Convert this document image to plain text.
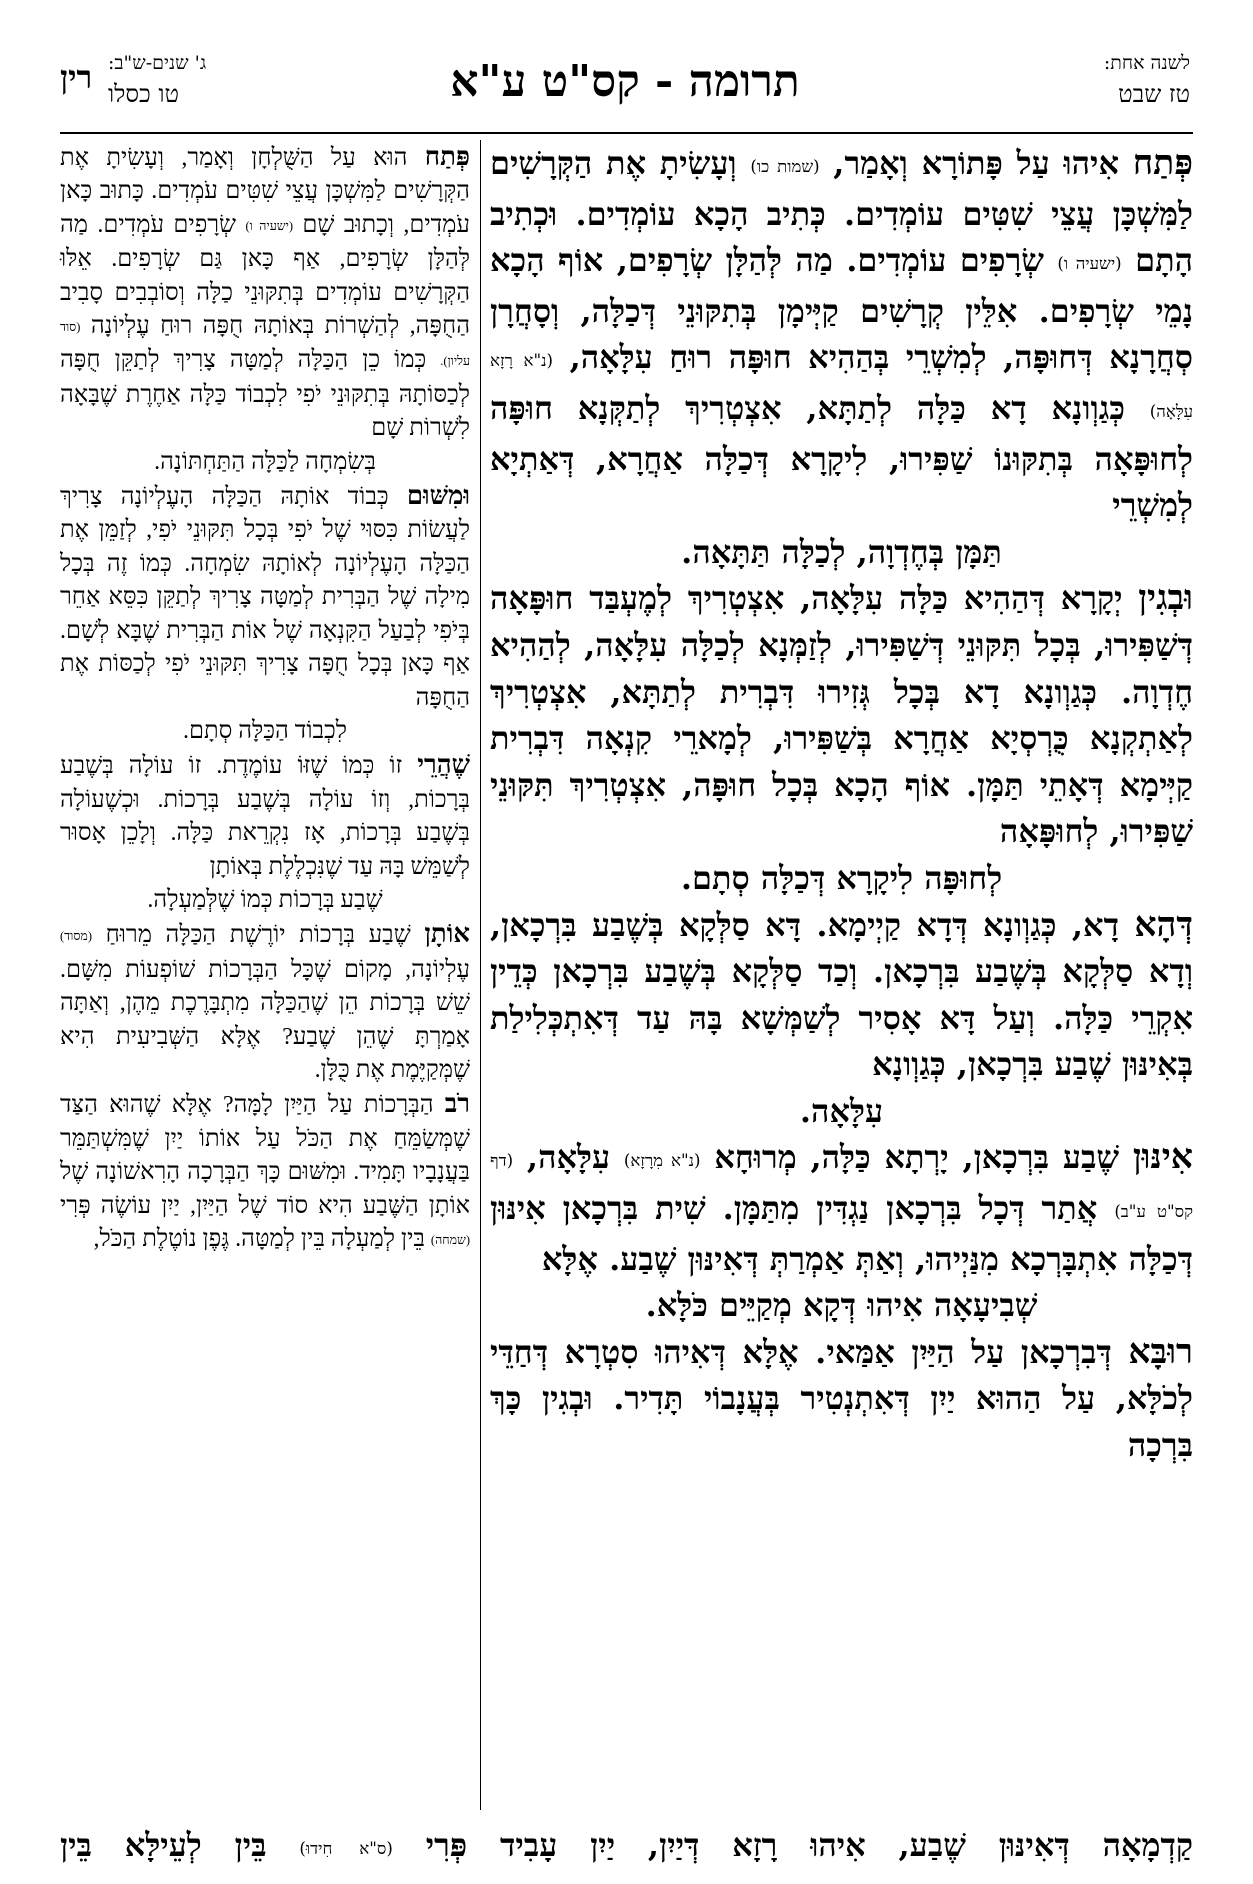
לשנה אחת:
טז שבט
תרומה - קס"ט ע"א
ג' שנים-ש"ב:
טו כסלו
רין

פְּתַח אִיהוּ עַל פָּתוֹרָא וְאָמַר, (שמות כו) וְעָשִׂיתָ אֶת הַקְּרָשִׁים לַמִּשְׁכָּן עֲצֵי שִׁטִּים עוֹמְדִים. כְּתִיב הָכָא עוֹמְדִים. וּכְתִיב הָתָם (ישעיה ו) שְׂרָפִים עוֹמְדִים. מַה לְּהַלָּן שְׂרָפִים, אוֹף הָכָא נָמֵי שְׂרָפִים. אִלֵּין קְרָשִׁים קַיְּימָן בְּתִקּוּנֵי דְּכַלָּה, וְסָחֲרָן סְחֲרָנָא דְּחוּפָּה, לְמִשְׁרֵי בְּהַהִיא חוּפָּה רוּחַ עִלָּאָה, (נ"א רָזָא עִלָּאָה) כְּגַוְונָא דָא כַּלָּה לְתַתָּא, אִצְטְרִיךְ לְתַקְּנָא חוּפָּה לְחוּפָּאָה בְּתִקּוּנוֹ שַׁפִּירוּ, לִיקָרָא דְּכַלָּה אַחֲרָא, דְּאַתְיָא לְמִשְׁרֵי

תַּמָּן בְּחֶדְוָה, לְכַלָּה תַּתָּאָה.

וּבְגִין יְקָרָא דְּהַהִיא כַּלָּה עִלָּאָה, אִצְטְרִיךְ לְמֶעְבַּד חוּפָּאָה דְּשַׁפִּירוּ, בְּכָל תִּקּוּנֵי דְּשַׁפִּירוּ, לְזַמְּנָא לְכַלָּה עִלָּאָה, לְהַהִיא חֶדְוָה. כְּגַוְונָא דָא בְּכָל גְּזִירוּ דִּבְרִית לְתַתָּא, אִצְטְרִיךְ לְאַתְקְנָא כֻּרְסְיָא אַחֲרָא בְּשַׁפִּירוּ, לְמָארֵי קִנְאָה דִּבְרִית קַיְּימָא דְּאָתֵי תַּמָּן. אוֹף הָכָא בְּכָל חוּפָּה, אִצְטְרִיךְ תִּקּוּנֵי שַׁפִּירוּ, לְחוּפָּאָה

לְחוּפָּה לִיקָרָא דְּכַלָּה סְתָם.

דְּהָא דָא, כְּגַוְונָא דְּדָא קַיְימָא. דָּא סַלְּקָא בְּשֶׁבַע בִּרְכָאן, וְדָא סַלְּקָא בְּשֶׁבַע בִּרְכָאן. וְכַד סַלְּקָא בְּשֶׁבַע בִּרְכָאן כְּדֵין אִקְרֵי כַּלָּה. וְעַל דָּא אָסִיר לְשַׁמְּשָׁא בָּהּ עַד דְּאִתְכְּלִילַת בְּאִינּוּן שֶׁבַע בִּרְכָאן, כְּגַוְונָא

עִלָּאָה.

אִינּוּן שֶׁבַע בִּרְכָאן, יָרְתָא כַּלָּה, מְרוּחָא (נ"א מִרָזָא) עִלָּאָה, (דף קס"ט ע"ב) אֲתַר דְּכָל בִּרְכָאן נַגְדִּין מִתַּמָּן. שִׁית בִּרְכָאן אִינּוּן דְּכַלָּה אִתְבָּרְכָא מִנַּיְיהוּ, וְאַתְּ אַמְרַתְּ דְּאִינּוּן שֶׁבַע. אֶלָּא

שְׁבִיעָאָה אִיהוּ דְּקָא מְקַיֵּים כֹּלָּא.

רוּבָּא דְּבִרְכָאן עַל הַיַּיִן אַמַּאי. אֶלָּא דְּאִיהוּ סִטְרָא דְּחַדֵּי לְכֹלָּא, עַל הַהוּא יַיִן דְּאִתְנְטִיר בְּעֲנָבוֹי תָּדִיר. וּבְגִין כָּךְ בִּרְכָה

פְּתַח הוּא עַל הַשֻּׁלְחָן וְאָמַר, וְעָשִׂיתָ אֶת הַקְּרָשִׁים לַמִּשְׁכָּן עֲצֵי שִׁטִּים עֹמְדִים. כָּתוּב כָּאן עֹמְדִים, וְכָתוּב שָׁם (ישעיה ו) שְׂרָפִים עֹמְדִים. מַה לְּהַלָּן שְׂרָפִים, אַף כָּאן גַּם שְׂרָפִים. אֵלּוּ הַקְּרָשִׁים עוֹמְדִים בְּתִקּוּנֵי כַלָּה וְסוֹבְבִים סָבִיב הַחֻפָּה, לְהַשְׁרוֹת בְּאוֹתָהּ חֻפָּה רוּחַ עֶלְיוֹנָה (סוד עליון). כְּמוֹ כֵן הַכַּלָּה לְמַטָּה צָרִיךְ לְתַקֵּן חֻפָּה לְכַסּוֹתָהּ בְּתִקּוּנֵי יֹפִי לִכְבוֹד כַּלָּה אַחֶרֶת שֶׁבָּאָה לִשְׁרוֹת שָׁם

בְּשִׂמְחָה לַכַּלָּה הַתַּחְתּוֹנָה.

וּמִשּׁוּם כְּבוֹד אוֹתָהּ הַכַּלָּה הָעֶלְיוֹנָה צָרִיךְ לַעֲשׂוֹת כִּסּוּי שֶׁל יֹפִי בְּכָל תִּקּוּנֵי יֹפִי, לְזַמֵּן אֶת הַכַּלָּה הָעֶלְיוֹנָה לְאוֹתָהּ שִׂמְחָה. כְּמוֹ זֶה בְּכָל מִילָה שֶׁל הַבְּרִית לְמַטָּה צָרִיךְ לְתַקֵּן כִּסֵּא אַחֵר בְּיֹפִי לְבַעַל הַקִּנְאָה שֶׁל אוֹת הַבְּרִית שֶׁבָּא לְשָׁם. אַף כָּאן בְּכָל חֻפָּה צָרִיךְ תִּקּוּנֵי יֹפִי לְכַסּוֹת אֶת הַחֻפָּה

לִכְבוֹד הַכַּלָּה סְתָם.

שֶׁהֲרֵי זוֹ כְּמוֹ שֶׁזּוֹ עוֹמֶדֶת. זוֹ עוֹלָה בְּשֶׁבַע בְּרָכוֹת, וְזוֹ עוֹלָה בְּשֶׁבַע בְּרָכוֹת. וּכְשֶׁעוֹלָה בְּשֶׁבַע בְּרָכוֹת, אָז נִקְרֵאת כַּלָּה. וְלָכֵן אָסוּר לְשַׁמֵּשׁ בָּהּ עַד שֶׁנִּכְלֶלֶת בְּאוֹתָן

שֶׁבַע בְּרָכוֹת כְּמוֹ שֶׁלְּמַעְלָה.

אוֹתָן שֶׁבַע בְּרָכוֹת יוֹרֶשֶׁת הַכַּלָּה מֵרוּחַ (מסוד) עֶלְיוֹנָה, מָקוֹם שֶׁכָּל הַבְּרָכוֹת שׁוֹפְעוֹת מִשָּׁם. שֵׁשׁ בְּרָכוֹת הֵן שֶׁהַכַּלָּה מִתְבָּרֶכֶת מֵהֶן, וְאַתָּה אָמַרְתָּ שֶׁהֵן שֶׁבַע? אֶלָּא הַשְּׁבִיעִית הִיא שֶׁמְּקַיֶּמֶת אֶת כֻּלָּן.

רֹב הַבְּרָכוֹת עַל הַיַּיִן לָמָּה? אֶלָּא שֶׁהוּא הַצַּד שֶׁמְּשַׂמֵּחַ אֶת הַכֹּל עַל אוֹתוֹ יַיִן שֶׁמִּשְׁתַּמֵּר בַּעֲנָבָיו תָּמִיד. וּמִשּׁוּם כָּךְ הַבְּרָכָה הָרִאשׁוֹנָה שֶׁל אוֹתָן הַשֶּׁבַע הִיא סוֹד שֶׁל הַיַּיִן, יַיִן עוֹשֶׂה פְּרִי (שמחה) בֵּין לְמַעְלָה בֵּין לְמַטָּה. גֶּפֶן נוֹטֶלֶת הַכֹּל,

קַדְמָאָה דְּאִינּוּן שֶׁבַע, אִיהוּ רָזָא דְּיַיִן, יַיִן עָבִיד פְּרִי (ס"א חִידוּ) בֵּין לְעֵילָּא בֵּין
